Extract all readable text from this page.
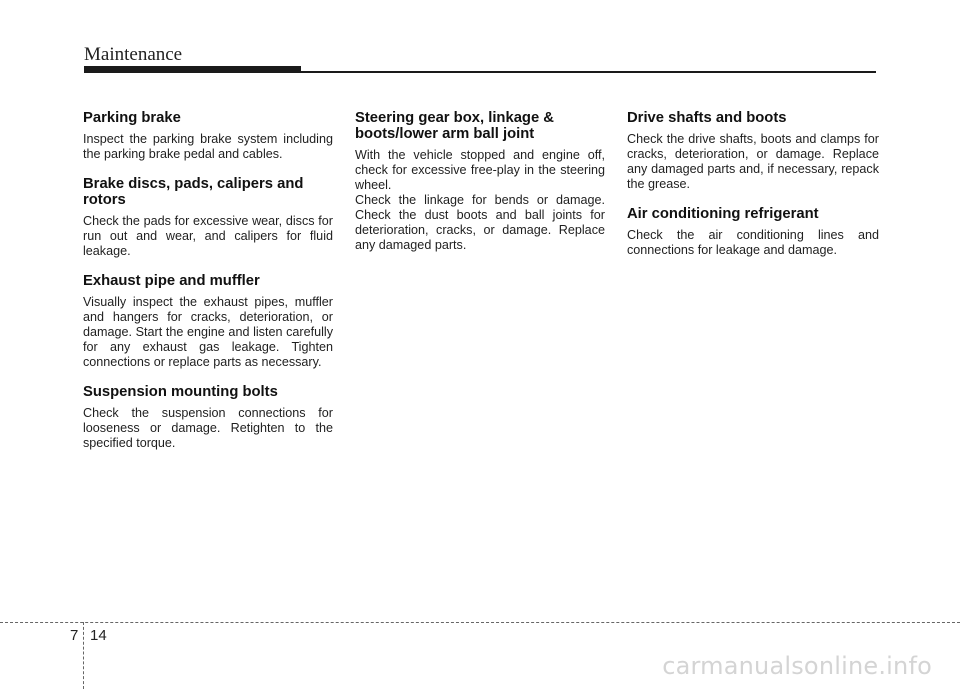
Maintenance
Parking brake

Inspect the parking brake system including the parking brake pedal and cables.

Brake discs, pads, calipers and rotors

Check the pads for excessive wear, discs for run out and wear, and calipers for fluid leakage.

Exhaust pipe and muffler

Visually inspect the exhaust pipes, muffler and hangers for cracks, deterioration, or damage. Start the engine and listen carefully for any exhaust gas leakage. Tighten connections or replace parts as necessary.

Suspension mounting bolts

Check the suspension connections for looseness or damage. Retighten to the specified torque.

Steering gear box, linkage & boots/lower arm ball joint

With the vehicle stopped and engine off, check for excessive free-play in the steering wheel.

Check the linkage for bends or damage. Check the dust boots and ball joints for deterioration, cracks, or damage. Replace any damaged parts.

Drive shafts and boots

Check the drive shafts, boots and clamps for cracks, deterioration, or damage. Replace any damaged parts and, if necessary, repack the grease.

Air conditioning refrigerant

Check the air conditioning lines and connections for leakage and damage.

7 14
carmanualsonline.info
